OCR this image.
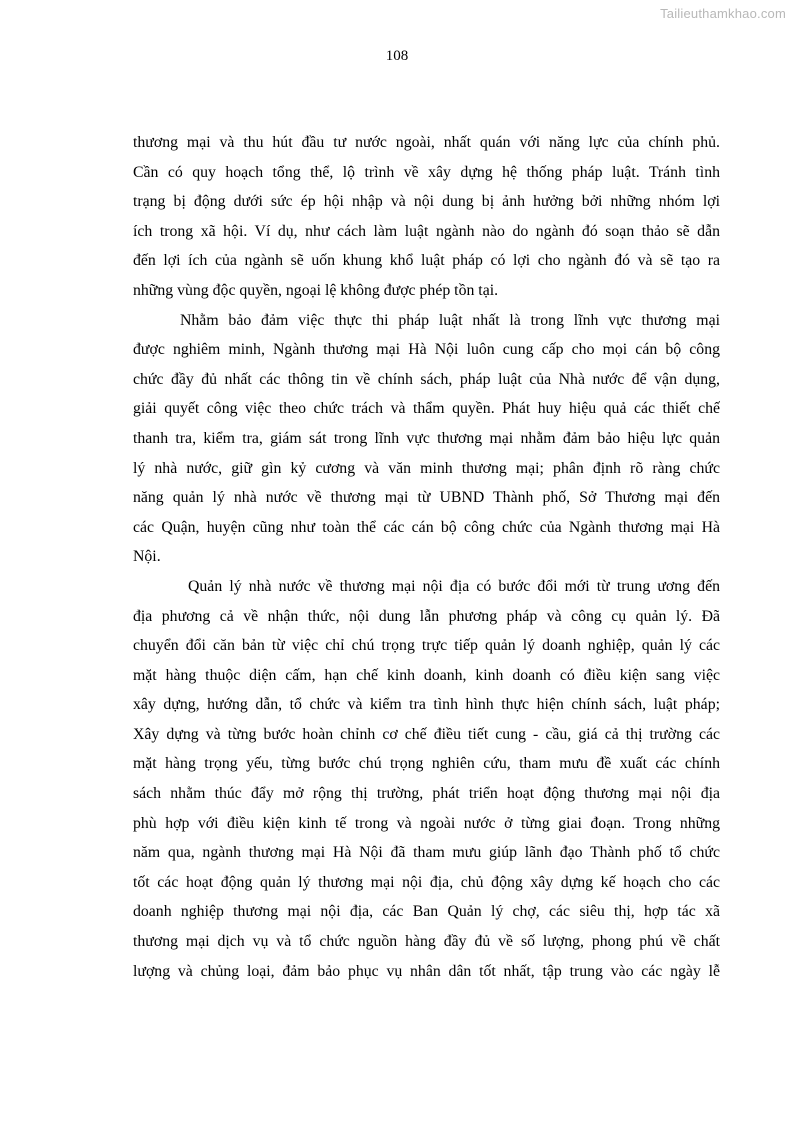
Tailieuthamkhao.com
108

thương mại và thu hút đầu tư nước ngoài, nhất quán với năng lực của chính phủ.
Cần có quy hoạch tổng thể, lộ trình về xây dựng hệ thống pháp luật. Tránh tình
trạng bị động dưới sức ép hội nhập và nội dung bị ảnh hưởng bởi những nhóm lợi
ích trong xã hội. Ví dụ, như cách làm luật ngành nào do ngành đó soạn thảo sẽ dẫn
đến lợi ích của ngành sẽ uốn khung khổ luật pháp có lợi cho ngành đó và sẽ tạo ra
những vùng độc quyền, ngoại lệ không được phép tồn tại.

Nhằm bảo đảm việc thực thi pháp luật nhất là trong lĩnh vực thương mại
được nghiêm minh, Ngành thương mại Hà Nội luôn cung cấp cho mọi cán bộ công
chức đầy đủ nhất các thông tin về chính sách, pháp luật của Nhà nước để vận dụng,
giải quyết công việc theo chức trách và thẩm quyền. Phát huy hiệu quả các thiết chế
thanh tra, kiểm tra, giám sát trong lĩnh vực thương mại nhằm đảm bảo hiệu lực quản
lý nhà nước, giữ gìn kỷ cương và văn minh thương mại; phân định rõ ràng chức
năng quản lý nhà nước về thương mại từ UBND Thành phố, Sở Thương mại đến
các Quận, huyện cũng như toàn thể các cán bộ công chức của Ngành thương mại Hà
Nội.

Quản lý nhà nước về thương mại nội địa có bước đổi mới từ trung ương đến
địa phương cả về nhận thức, nội dung lẫn phương pháp và công cụ quản lý. Đã
chuyển đổi căn bản từ việc chỉ chú trọng trực tiếp quản lý doanh nghiệp, quản lý các
mặt hàng thuộc diện cấm, hạn chế kinh doanh, kinh doanh có điều kiện sang việc
xây dựng, hướng dẫn, tổ chức và kiểm tra tình hình thực hiện chính sách, luật pháp;
Xây dựng và từng bước hoàn chỉnh cơ chế điều tiết cung - cầu, giá cả thị trường các
mặt hàng trọng yếu, từng bước chú trọng nghiên cứu, tham mưu đề xuất các chính
sách nhằm thúc đẩy mở rộng thị trường, phát triển hoạt động thương mại nội địa
phù hợp với điều kiện kinh tế trong và ngoài nước ở từng giai đoạn. Trong những
năm qua, ngành thương mại Hà Nội đã tham mưu giúp lãnh đạo Thành phố tổ chức
tốt các hoạt động quản lý thương mại nội địa, chủ động xây dựng kế hoạch cho các
doanh nghiệp thương mại nội địa, các Ban Quản lý chợ, các siêu thị, hợp tác xã
thương mại dịch vụ và tổ chức nguồn hàng đầy đủ về số lượng, phong phú về chất
lượng và chủng loại, đảm bảo phục vụ nhân dân tốt nhất, tập trung vào các ngày lễ
